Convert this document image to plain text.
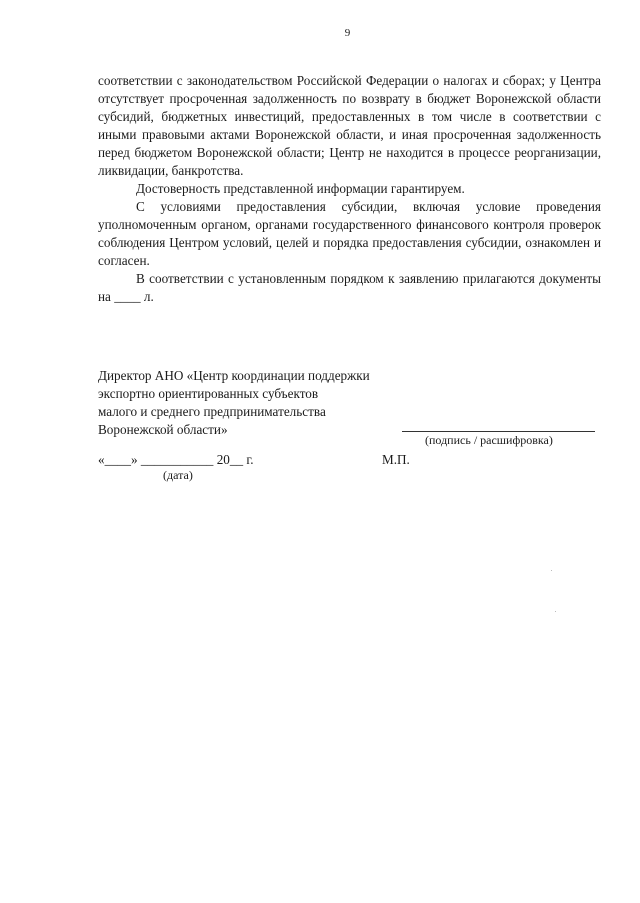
9

соответствии с законодательством Российской Федерации о налогах и сборах; у Центра отсутствует просроченная задолженность по возврату в бюджет Воронежской области субсидий, бюджетных инвестиций, предоставленных в том числе в соответствии с иными правовыми актами Воронежской области, и иная просроченная задолженность перед бюджетом Воронежской области; Центр не находится в процессе реорганизации, ликвидации, банкротства.

Достоверность представленной информации гарантируем.

С условиями предоставления субсидии, включая условие проведения уполномоченным органом, органами государственного финансового контроля проверок соблюдения Центром условий, целей и порядка предоставления субсидии, ознакомлен и согласен.

В соответствии с установленным порядком к заявлению прилагаются документы на ____ л.

Директор АНО «Центр координации поддержки
экспортно ориентированных субъектов
малого и среднего предпринимательства
Воронежской области»
(подпись / расшифровка)
«____» ___________ 20__ г.	М.П.
(дата)
